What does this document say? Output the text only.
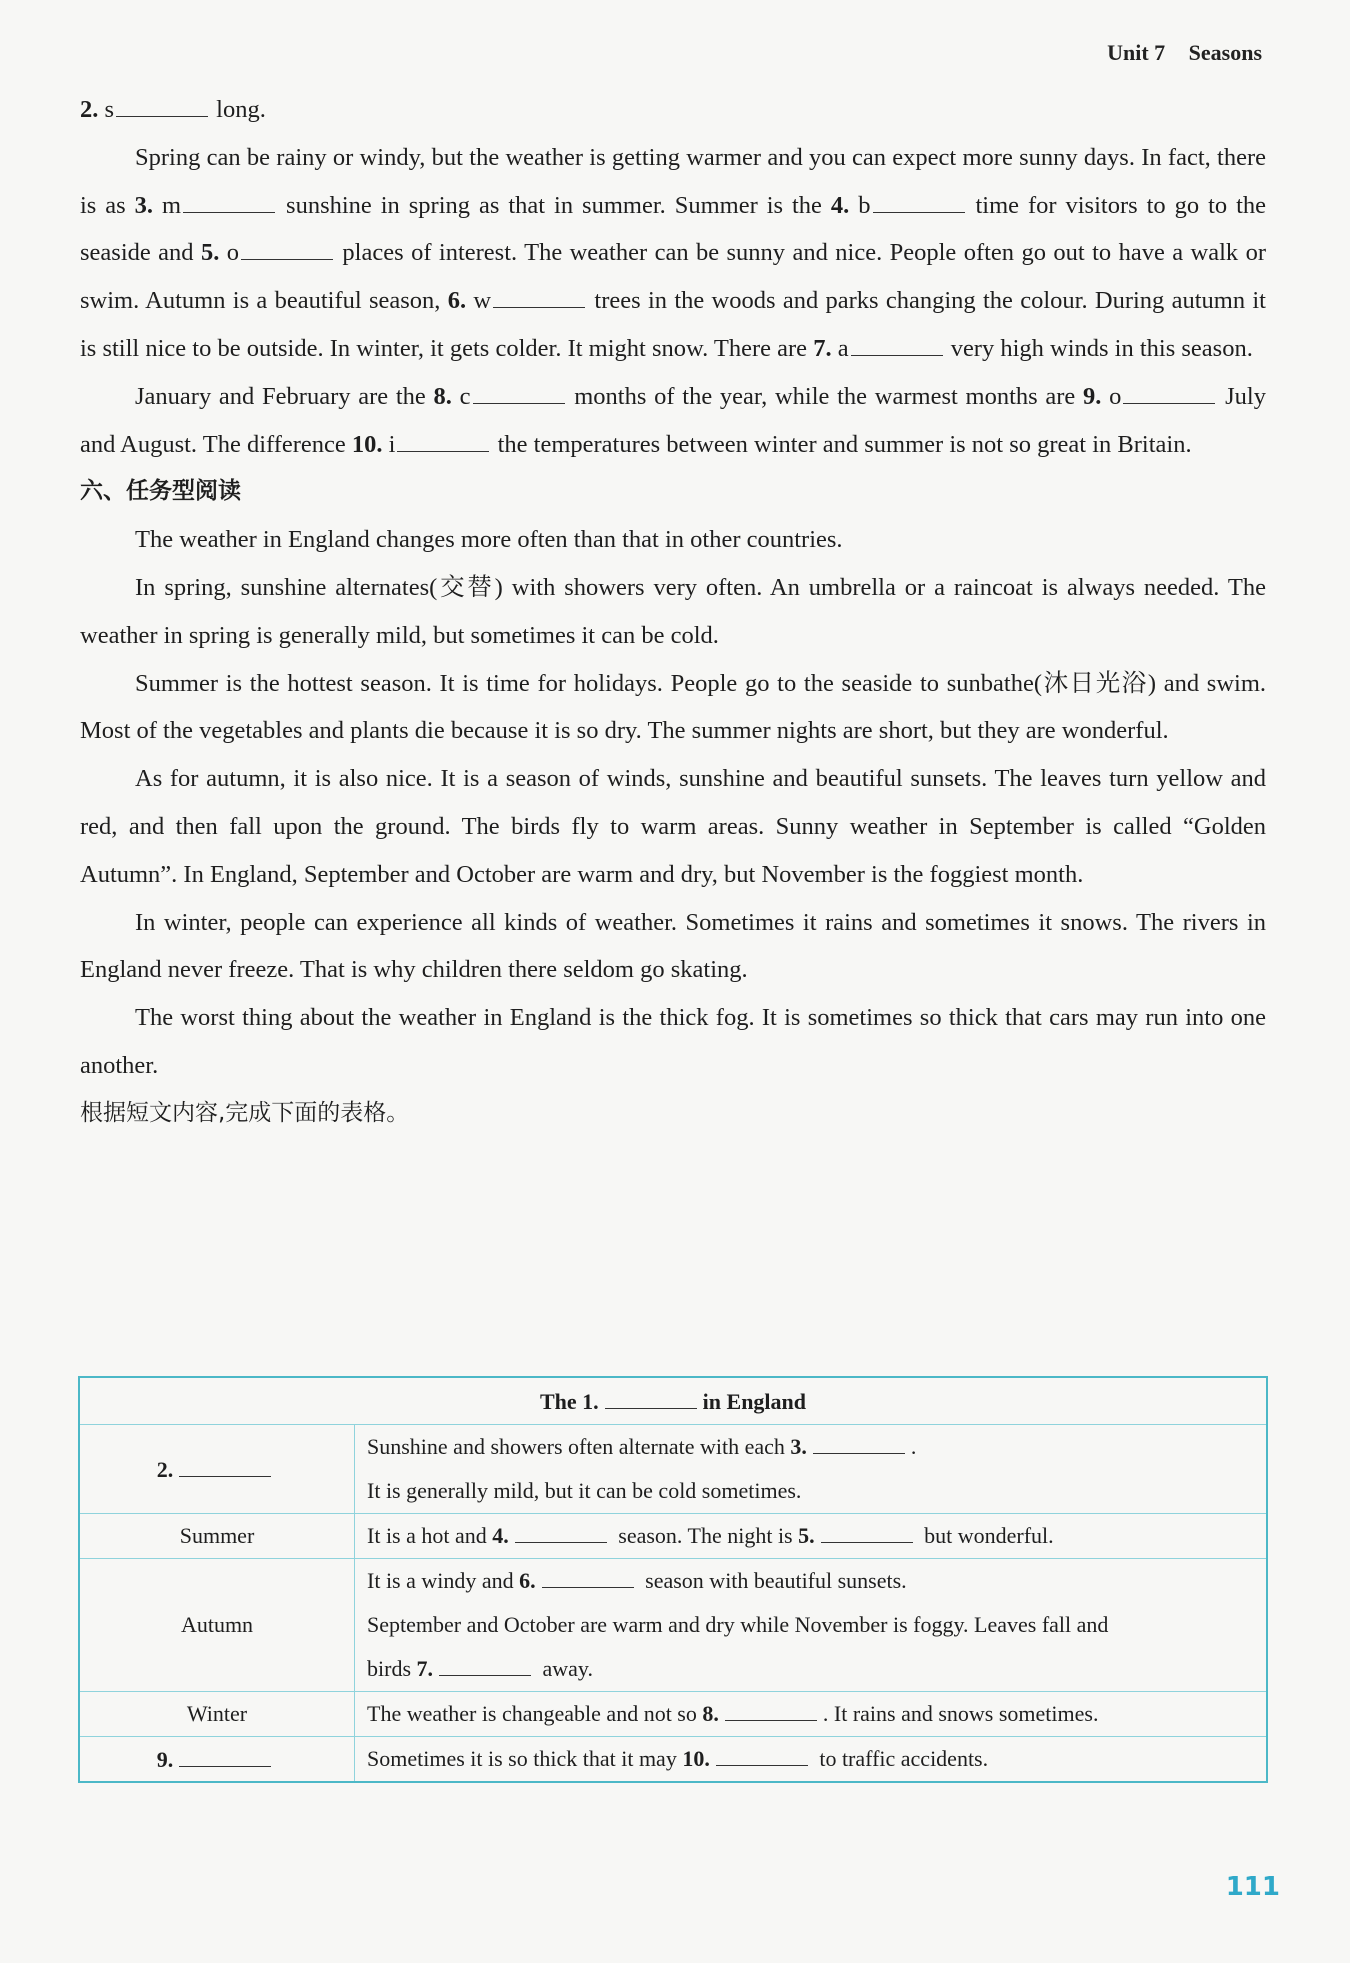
Unit 7 Seasons

2. s	long.

Spring can be rainy or windy, but the weather is getting warmer and you can expect more sunny days. In fact, there is as 3. m	sunshine in spring as that in summer. Summer is the 4. b	time for visitors to go to the seaside and 5. o	places of interest. The weather can be sunny and nice. People often go out to have a walk or swim. Autumn is a beautiful season, 6. w	trees in the woods and parks changing the colour. During autumn it is still nice to be outside. In winter, it gets colder. It might snow. There are 7. a	very high winds in this season.

January and February are the 8. c	months of the year, while the warmest months are 9. o	July and August. The difference 10. i	the temperatures between winter and summer is not so great in Britain.

六、任务型阅读

The weather in England changes more often than that in other countries.

In spring, sunshine alternates(交替) with showers very often. An umbrella or a raincoat is always needed. The weather in spring is generally mild, but sometimes it can be cold.

Summer is the hottest season. It is time for holidays. People go to the seaside to sunbathe(沐日光浴) and swim. Most of the vegetables and plants die because it is so dry. The summer nights are short, but they are wonderful.

As for autumn, it is also nice. It is a season of winds, sunshine and beautiful sunsets. The leaves turn yellow and red, and then fall upon the ground. The birds fly to warm areas. Sunny weather in September is called “Golden Autumn”. In England, September and October are warm and dry, but November is the foggiest month.

In winter, people can experience all kinds of weather. Sometimes it rains and sometimes it snows. The rivers in England never freeze. That is why children there seldom go skating.

The worst thing about the weather in England is the thick fog. It is sometimes so thick that cars may run into one another.

根据短文内容,完成下面的表格。

The 1. in England	
2.	Sunshine and showers often alternate with each 3. .
It is generally mild, but it can be cold sometimes.

Summer	It is a hot and 4. season. The night is 5. but wonderful.

Autumn	It is a windy and 6. season with beautiful sunsets.
September and October are warm and dry while November is foggy. Leaves fall and
birds 7. away.

Winter	The weather is changeable and not so 8. . It rains and snows sometimes.

9.	Sometimes it is so thick that it may 10. to traffic accidents.
111
